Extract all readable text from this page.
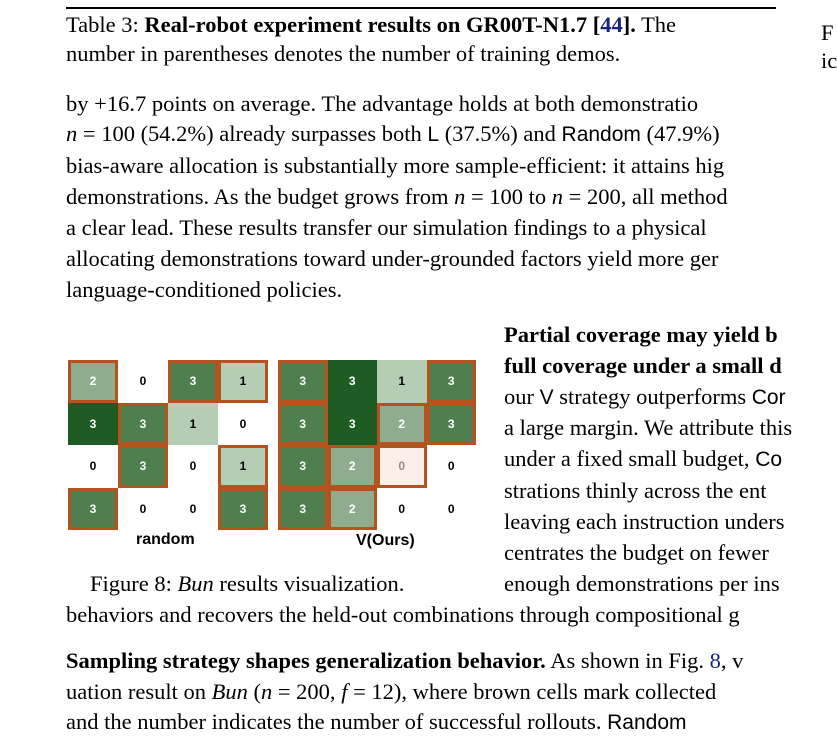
Table 3: Real-robot experiment results on GR00T-N1.7 [44]. The
number in parentheses denotes the number of training demos.
F
ic
by +16.7 points on average. The advantage holds at both demonstratio
n = 100 (54.2%) already surpasses both L (37.5%) and Random (47.9%)
bias-aware allocation is substantially more sample-efficient: it attains hig
demonstrations. As the budget grows from n = 100 to n = 200, all method
a clear lead. These results transfer our simulation findings to a physical
allocating demonstrations toward under-grounded factors yield more ger
language-conditioned policies.
2	0	3	1
3	3	1	0
0	3	0	1
3	0	0	3
3	3	1	3
3	3	2	3
3	2	0	0
3	2	0	0
random	V(Ours)
Figure 8: Bun results visualization.
Partial coverage may yield b
full coverage under a small d
our V strategy outperforms Cor
a large margin. We attribute this
under a fixed small budget, Co
strations thinly across the ent
leaving each instruction unders
centrates the budget on fewer
enough demonstrations per ins
behaviors and recovers the held-out combinations through compositional g
Sampling strategy shapes generalization behavior. As shown in Fig. 8, v
uation result on Bun (n = 200, f = 12), where brown cells mark collected
and the number indicates the number of successful rollouts. Random
